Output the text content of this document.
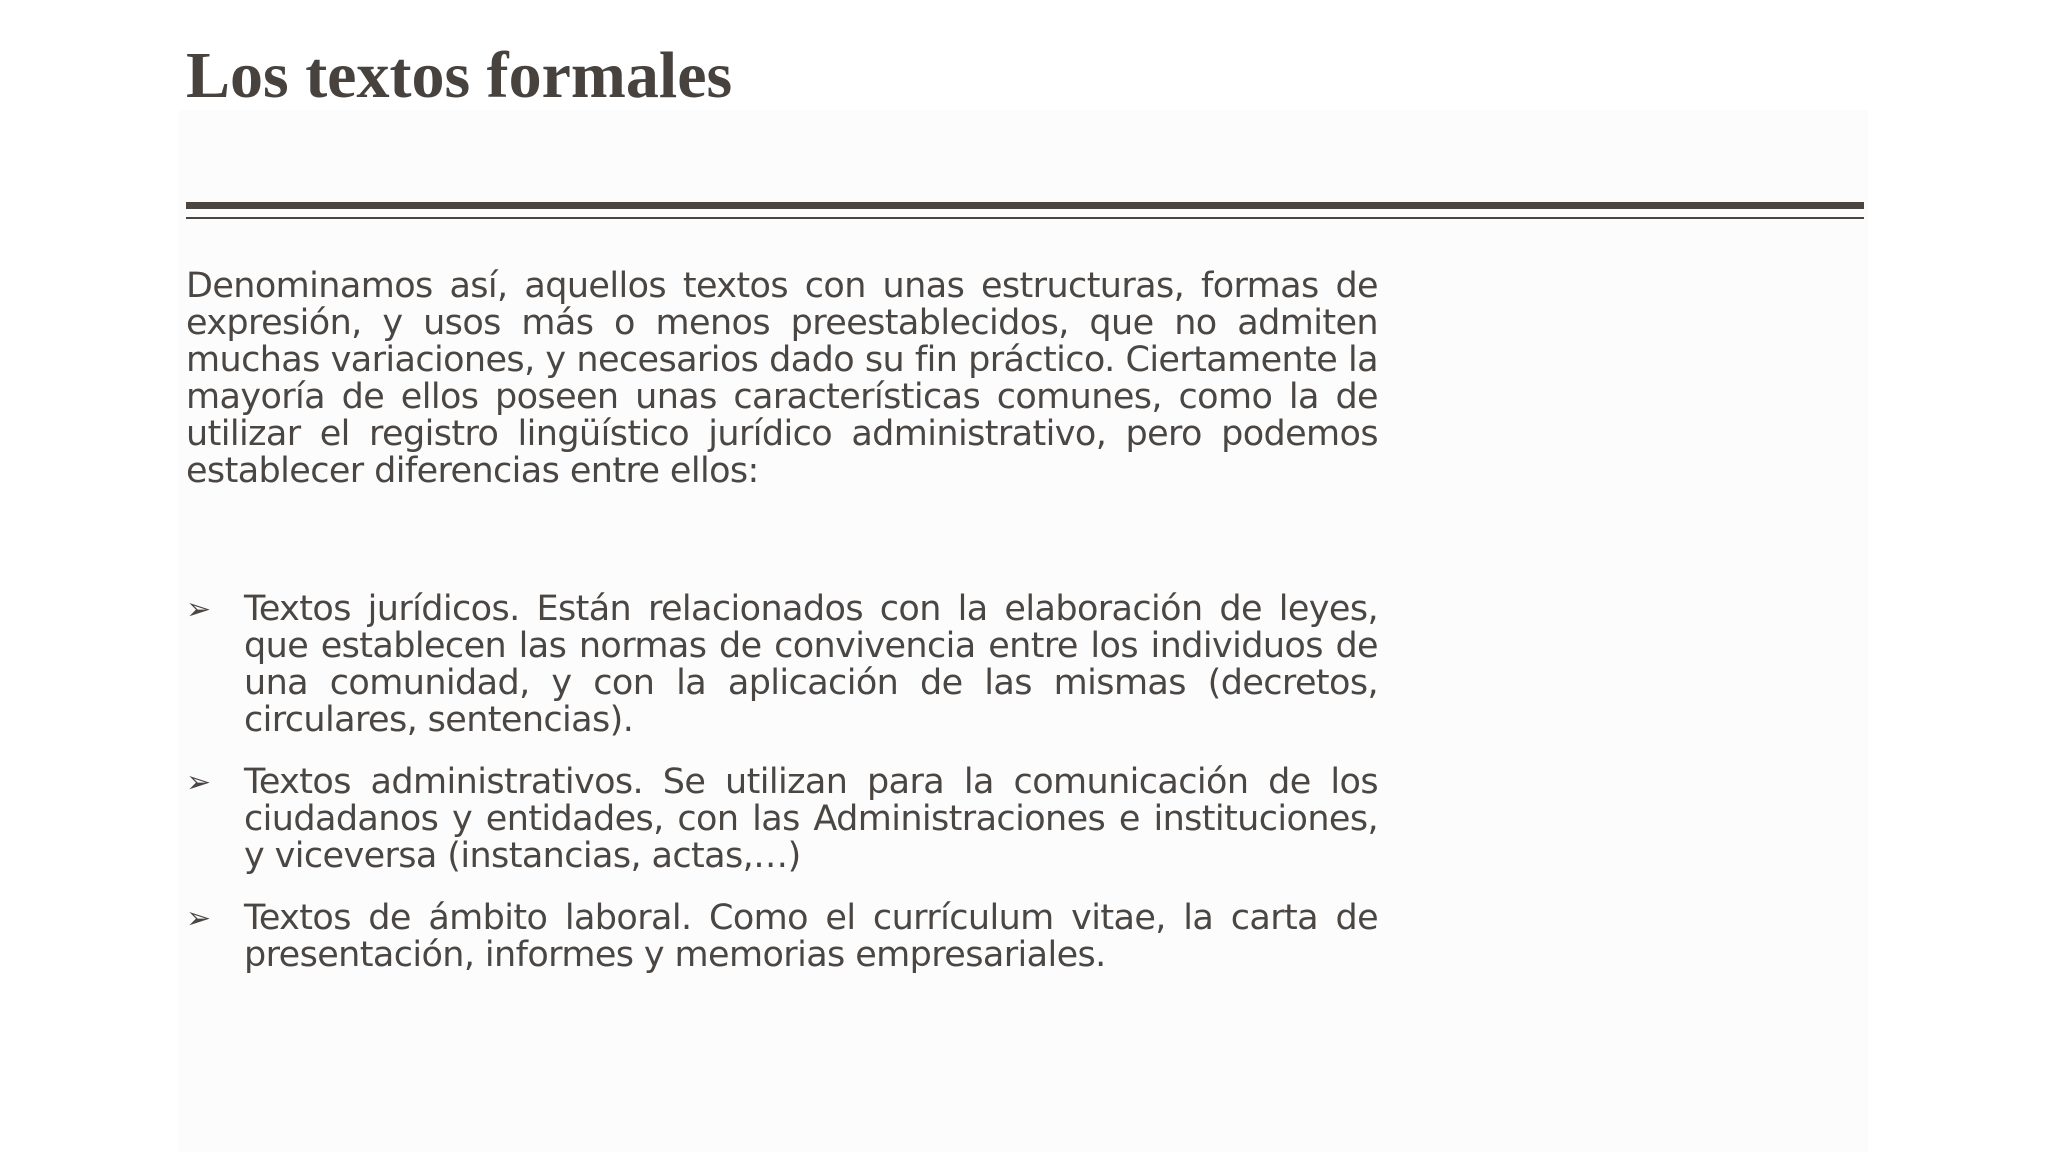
Los textos formales

Denominamos así, aquellos textos con unas estructuras, formas de expresión, y usos más o menos preestablecidos, que no admiten muchas variaciones, y necesarios dado su fin práctico. Ciertamente la mayoría de ellos poseen unas características comunes, como la de utilizar el registro lingüístico jurídico administrativo, pero podemos establecer diferencias entre ellos:

➢ Textos jurídicos. Están relacionados con la elaboración de leyes, que establecen las normas de convivencia entre los individuos de una comunidad, y con la aplicación de las mismas (decretos, circulares, sentencias).
➢ Textos administrativos. Se utilizan para la comunicación de los ciudadanos y entidades, con las Administraciones e instituciones, y viceversa (instancias, actas,…)
➢ Textos de ámbito laboral. Como el currículum vitae, la carta de presentación, informes y memorias empresariales.
